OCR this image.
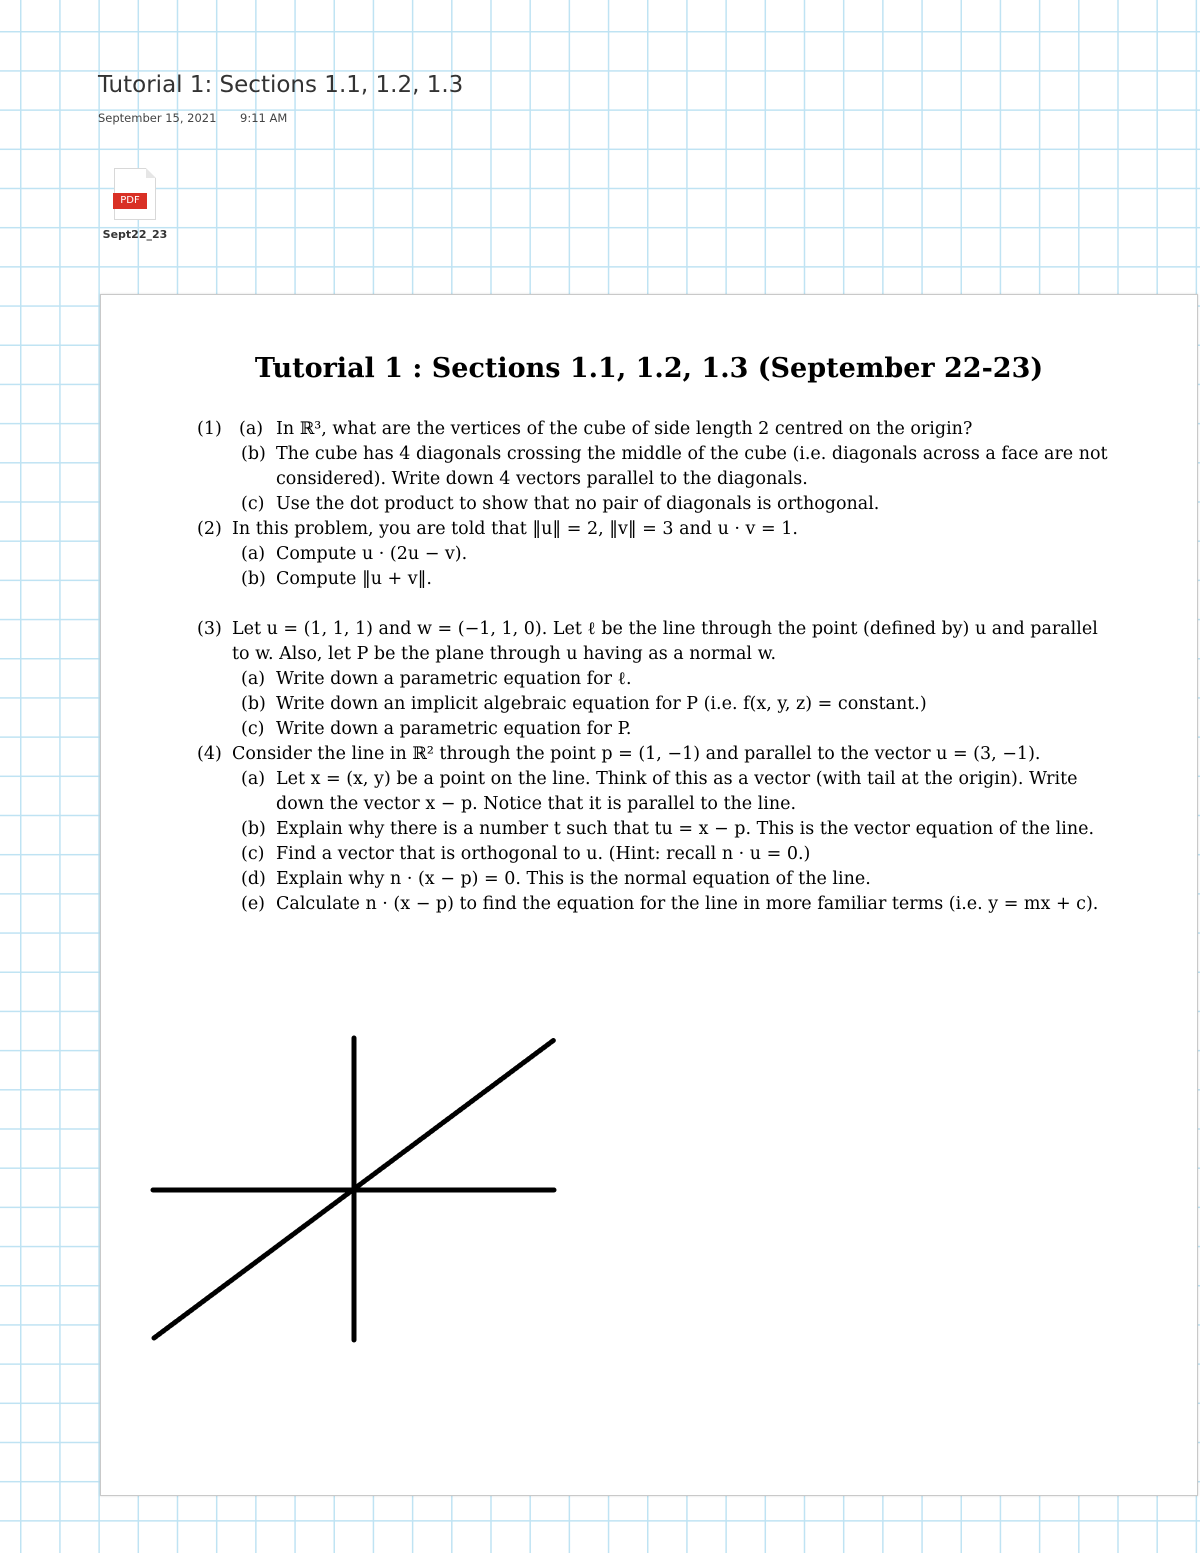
Tutorial 1: Sections 1.1, 1.2, 1.3
September 15, 2021 9:11 AM
PDF
Sept22_23
Tutorial 1 : Sections 1.1, 1.2, 1.3 (September 22-23)
(1) (a) In ℝ³, what are the vertices of the cube of side length 2 centred on the origin?
(b) The cube has 4 diagonals crossing the middle of the cube (i.e. diagonals across a face are not
considered). Write down 4 vectors parallel to the diagonals.
(c) Use the dot product to show that no pair of diagonals is orthogonal.
(2) In this problem, you are told that ‖u‖ = 2, ‖v‖ = 3 and u · v = 1.
(a) Compute u · (2u − v).
(b) Compute ‖u + v‖.
(3) Let u = (1, 1, 1) and w = (−1, 1, 0). Let ℓ be the line through the point (defined by) u and parallel
to w. Also, let P be the plane through u having as a normal w.
(a) Write down a parametric equation for ℓ.
(b) Write down an implicit algebraic equation for P (i.e. f(x, y, z) = constant.)
(c) Write down a parametric equation for P.
(4) Consider the line in ℝ² through the point p = (1, −1) and parallel to the vector u = (3, −1).
(a) Let x = (x, y) be a point on the line. Think of this as a vector (with tail at the origin). Write
down the vector x − p. Notice that it is parallel to the line.
(b) Explain why there is a number t such that tu = x − p. This is the vector equation of the line.
(c) Find a vector that is orthogonal to u. (Hint: recall n · u = 0.)
(d) Explain why n · (x − p) = 0. This is the normal equation of the line.
(e) Calculate n · (x − p) to find the equation for the line in more familiar terms (i.e. y = mx + c).
